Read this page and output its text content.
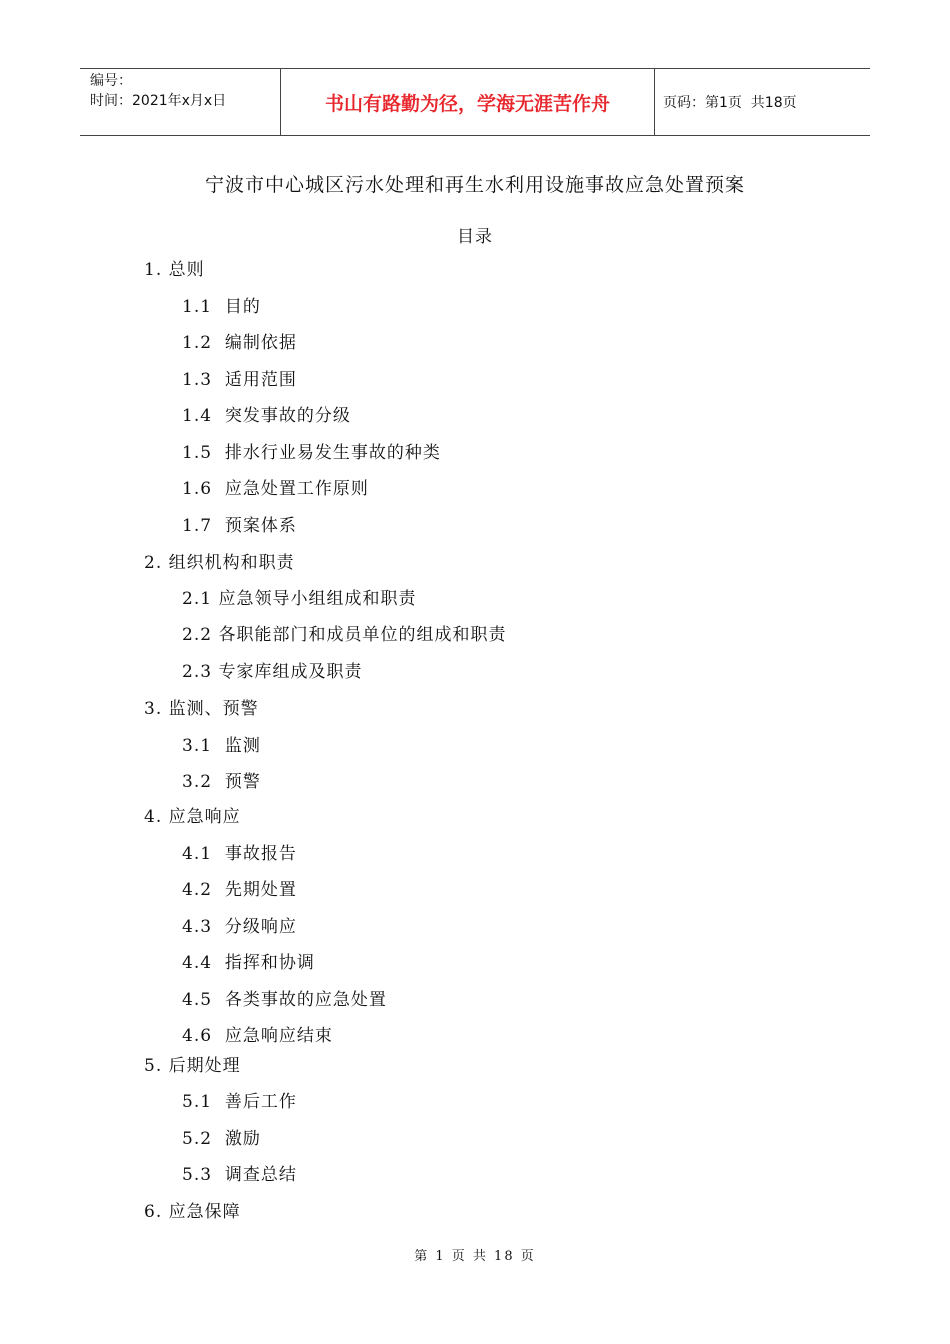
编号：
时间：2021年x月x日	书山有路勤为径，学海无涯苦作舟	页码：第1页  共18页
宁波市中心城区污水处理和再生水利用设施事故应急处置预案
目录
1. 总则
1.1  目的
1.2  编制依据
1.3  适用范围
1.4  突发事故的分级
1.5  排水行业易发生事故的种类
1.6  应急处置工作原则
1.7  预案体系
2. 组织机构和职责
2.1 应急领导小组组成和职责
2.2 各职能部门和成员单位的组成和职责
2.3 专家库组成及职责
3. 监测、预警
3.1  监测
3.2  预警
4. 应急响应
4.1  事故报告
4.2  先期处置
4.3  分级响应
4.4  指挥和协调
4.5  各类事故的应急处置
4.6  应急响应结束
5. 后期处理
5.1  善后工作
5.2  激励
5.3  调查总结
6. 应急保障
第 1 页 共 18 页
